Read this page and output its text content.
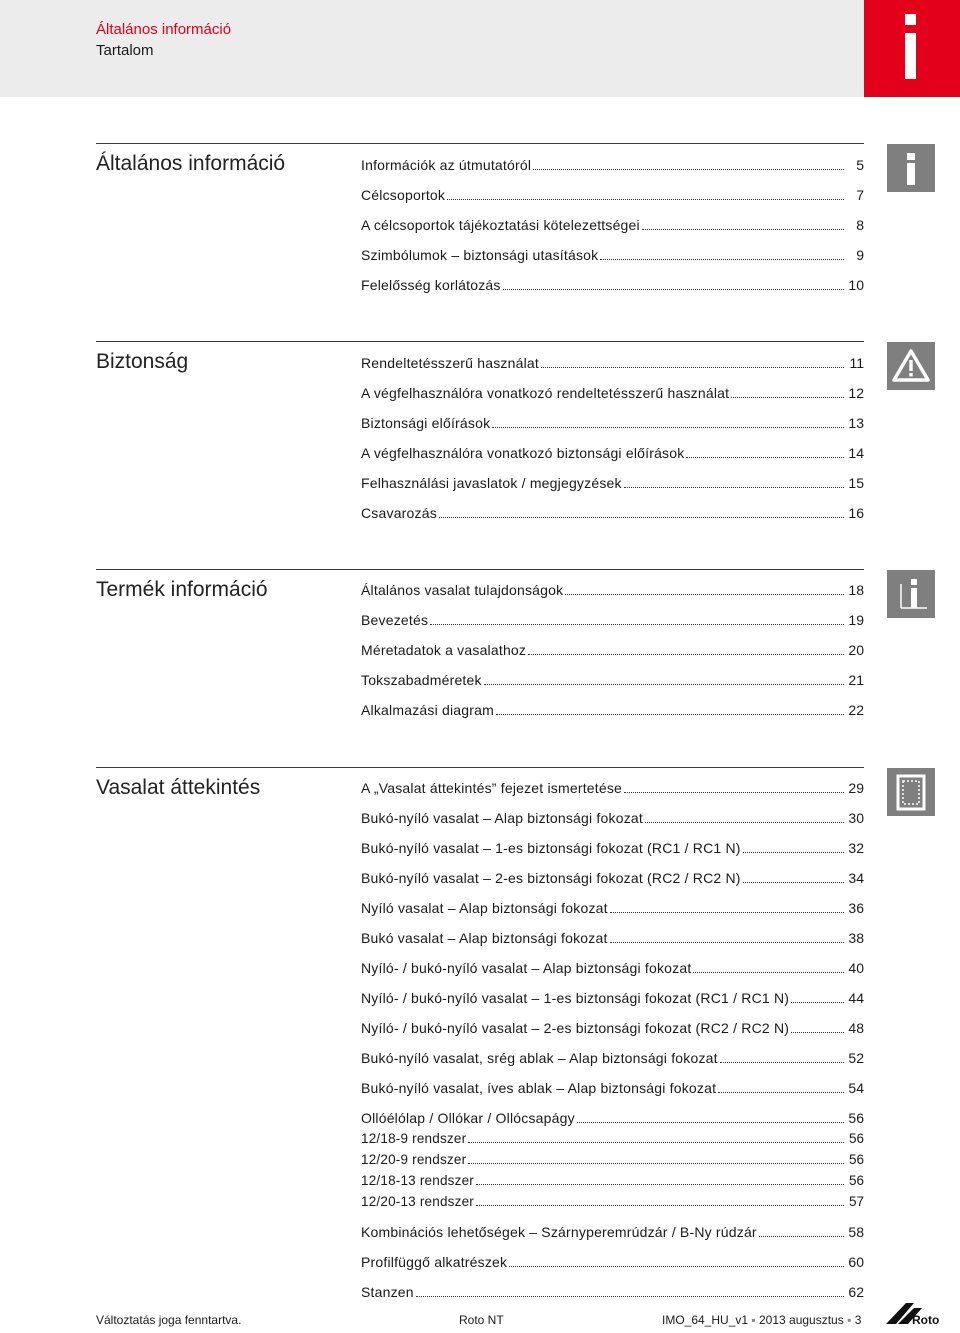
Általános információ
Tartalom
Általános információ	Információk az útmutatóról	5
Célcsoportok	7
A célcsoportok tájékoztatási kötelezettségei	8
Szimbólumok – biztonsági utasítások	9
Felelősség korlátozás	10
Biztonság	Rendeltetésszerű használat	11
A végfelhasználóra vonatkozó rendeltetésszerű használat	12
Biztonsági előírások	13
A végfelhasználóra vonatkozó biztonsági előírások	14
Felhasználási javaslatok / megjegyzések	15
Csavarozás	16
Termék információ	Általános vasalat tulajdonságok	18
Bevezetés	19
Méretadatok a vasalathoz	20
Tokszabadméretek	21
Alkalmazási diagram	22
Vasalat áttekintés	A „Vasalat áttekintés” fejezet ismertetése	29
Bukó-nyíló vasalat – Alap biztonsági fokozat	30
Bukó-nyíló vasalat – 1-es biztonsági fokozat (RC1 / RC1 N)	32
Bukó-nyíló vasalat – 2-es biztonsági fokozat (RC2 / RC2 N)	34
Nyíló vasalat – Alap biztonsági fokozat	36
Bukó vasalat – Alap biztonsági fokozat	38
Nyíló- / bukó-nyíló vasalat – Alap biztonsági fokozat	40
Nyíló- / bukó-nyíló vasalat – 1-es biztonsági fokozat (RC1 / RC1 N)	44
Nyíló- / bukó-nyíló vasalat – 2-es biztonsági fokozat (RC2 / RC2 N)	48
Bukó-nyíló vasalat, srég ablak – Alap biztonsági fokozat	52
Bukó-nyíló vasalat, íves ablak – Alap biztonsági fokozat	54
Ollóélólap / Ollókar / Ollócsapágy	56
12/18-9 rendszer	56
12/20-9 rendszer	56
12/18-13 rendszer	56
12/20-13 rendszer	57
Kombinációs lehetőségek – Szárnyperemrúdzár / B-Ny rúdzár	58
Profilfüggő alkatrészek	60
Stanzen	62
Változtatás joga fenntartva.	Roto NT	IMO_64_HU_v1 ▪ 2013 augusztus ▪ 3	Roto
